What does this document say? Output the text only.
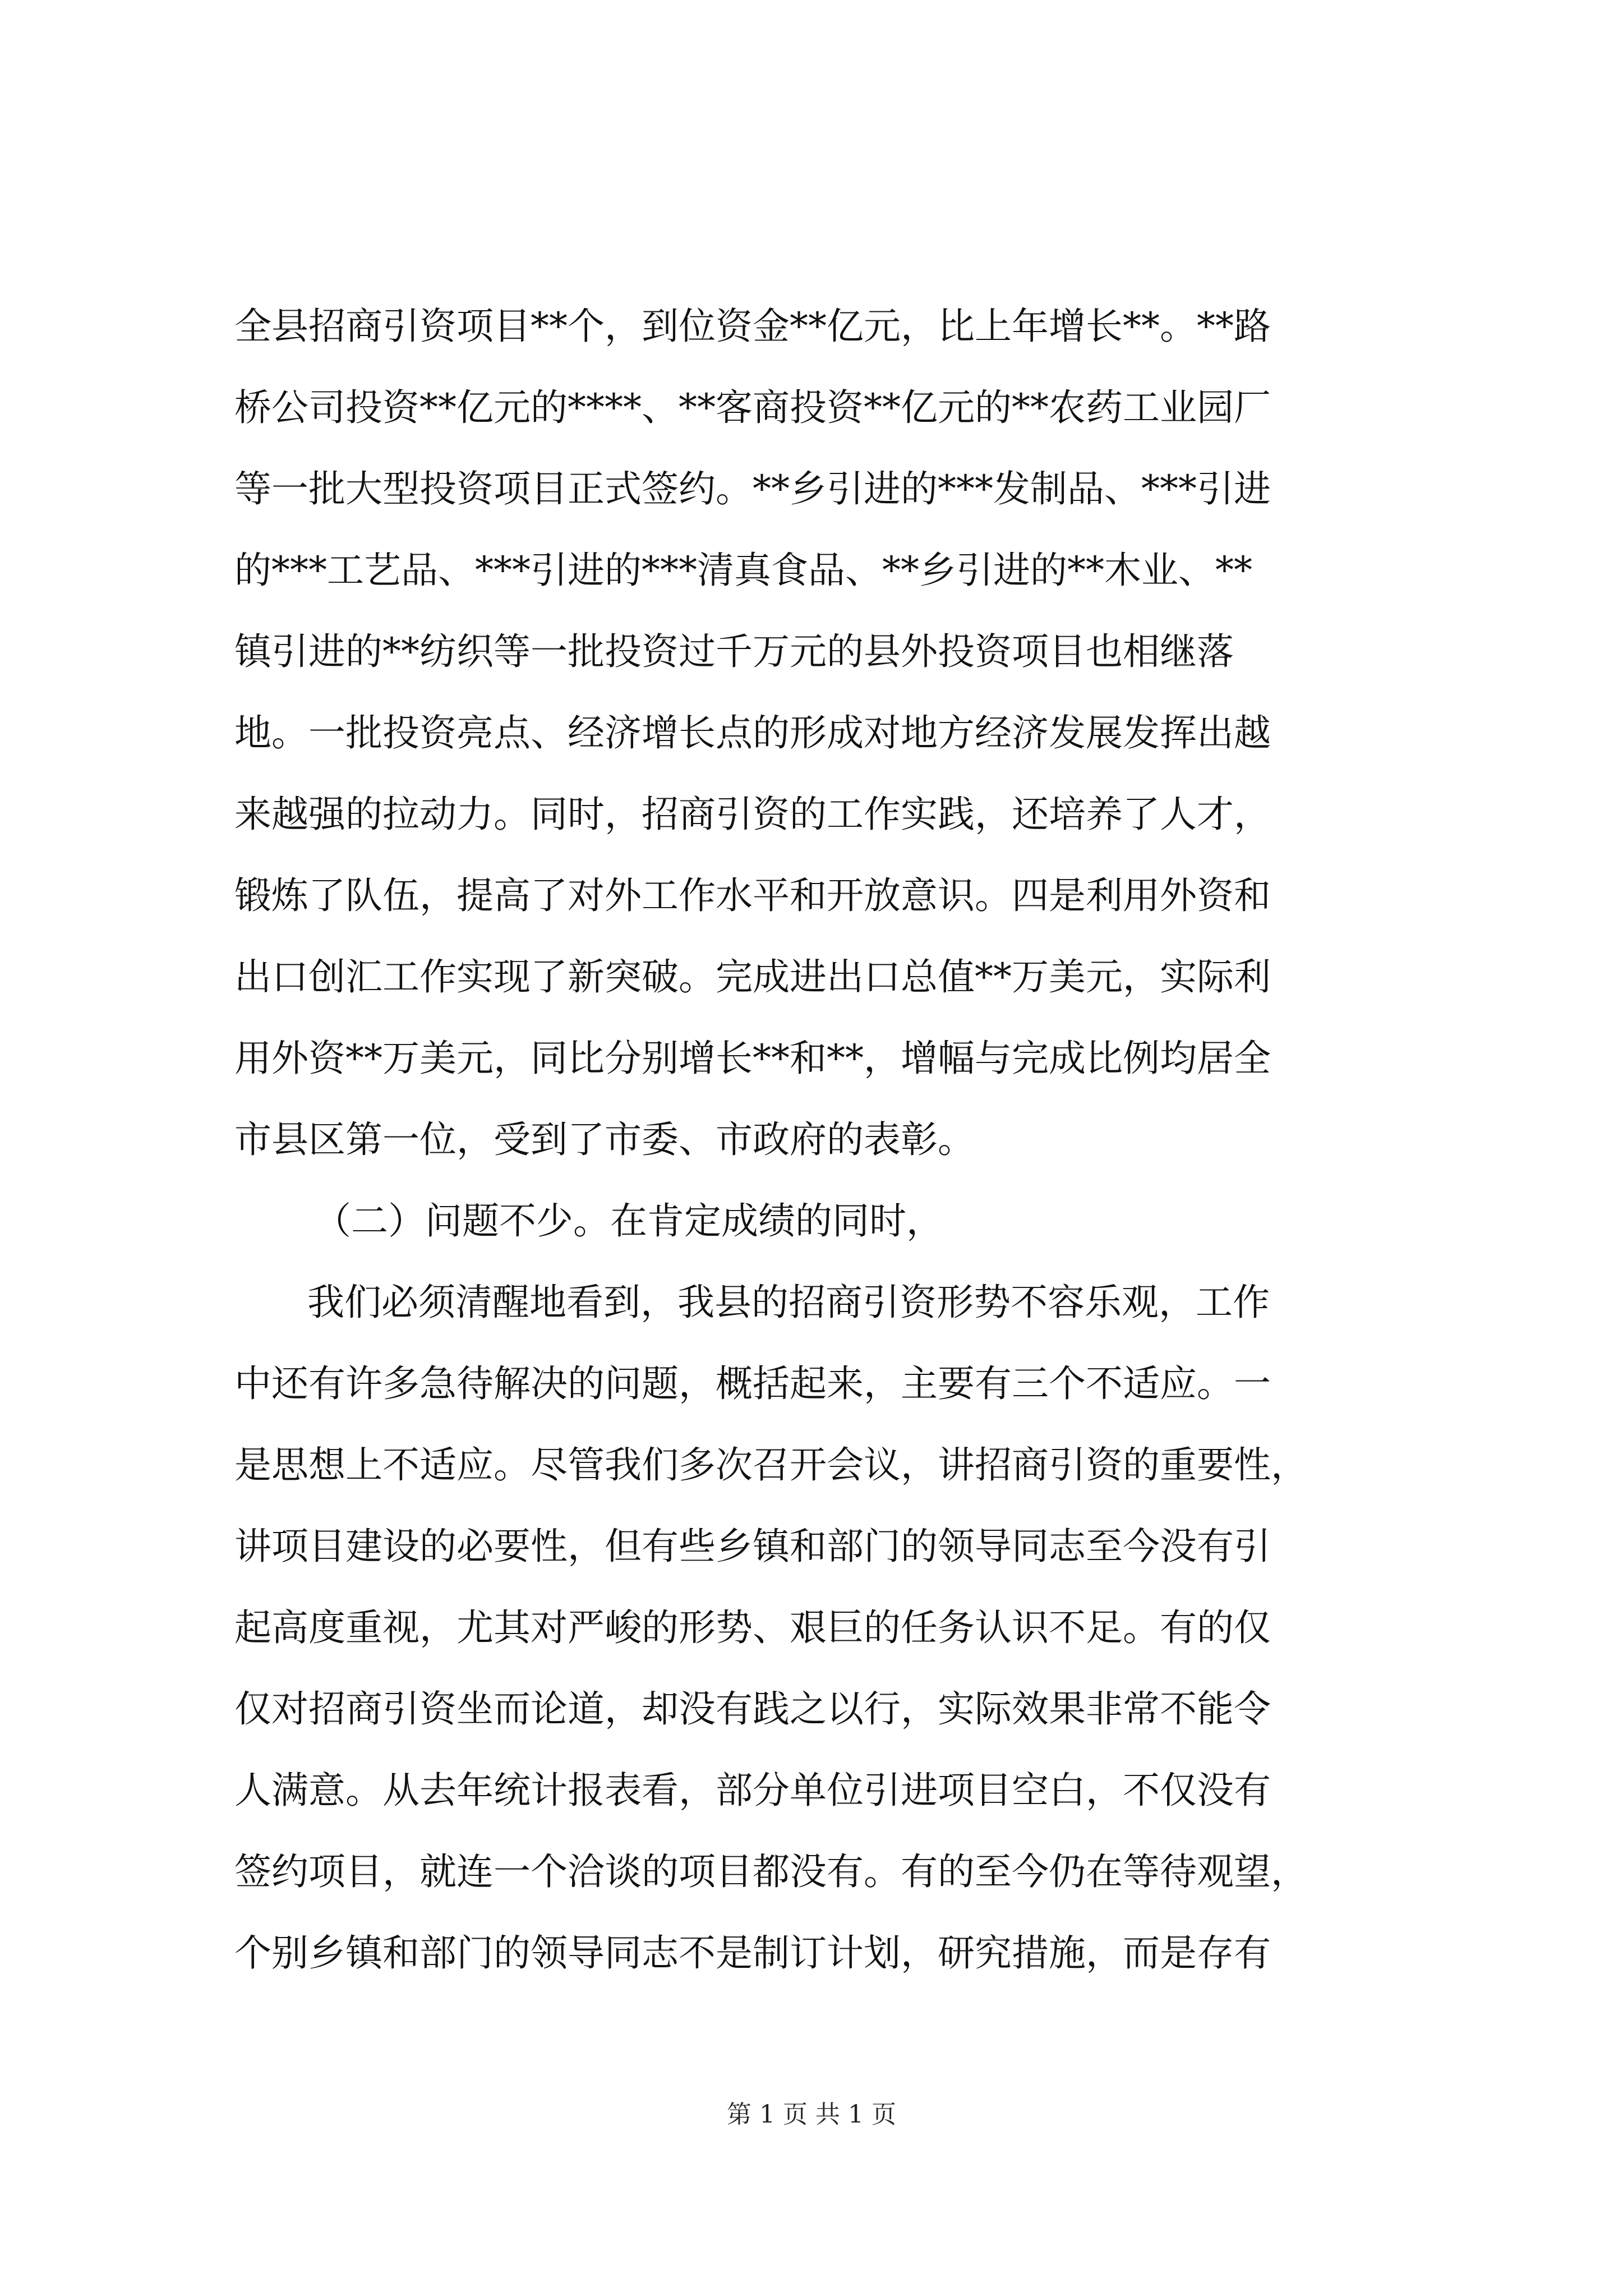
全县招商引资项目**个，到位资金**亿元，比上年增长**。**路
桥公司投资**亿元的****、**客商投资**亿元的**农药工业园厂
等一批大型投资项目正式签约。**乡引进的***发制品、***引进
的***工艺品、***引进的***清真食品、**乡引进的**木业、**
镇引进的**纺织等一批投资过千万元的县外投资项目也相继落
地。一批投资亮点、经济增长点的形成对地方经济发展发挥出越
来越强的拉动力。同时，招商引资的工作实践，还培养了人才，
锻炼了队伍，提高了对外工作水平和开放意识。四是利用外资和
出口创汇工作实现了新突破。完成进出口总值**万美元，实际利
用外资**万美元，同比分别增长**和**，增幅与完成比例均居全
市县区第一位，受到了市委、市政府的表彰。
（二）问题不少。在肯定成绩的同时，
我们必须清醒地看到，我县的招商引资形势不容乐观，工作
中还有许多急待解决的问题，概括起来，主要有三个不适应。一
是思想上不适应。尽管我们多次召开会议，讲招商引资的重要性，
讲项目建设的必要性，但有些乡镇和部门的领导同志至今没有引
起高度重视，尤其对严峻的形势、艰巨的任务认识不足。有的仅
仅对招商引资坐而论道，却没有践之以行，实际效果非常不能令
人满意。从去年统计报表看，部分单位引进项目空白，不仅没有
签约项目，就连一个洽谈的项目都没有。有的至今仍在等待观望，
个别乡镇和部门的领导同志不是制订计划，研究措施，而是存有
第 1 页 共 1 页
